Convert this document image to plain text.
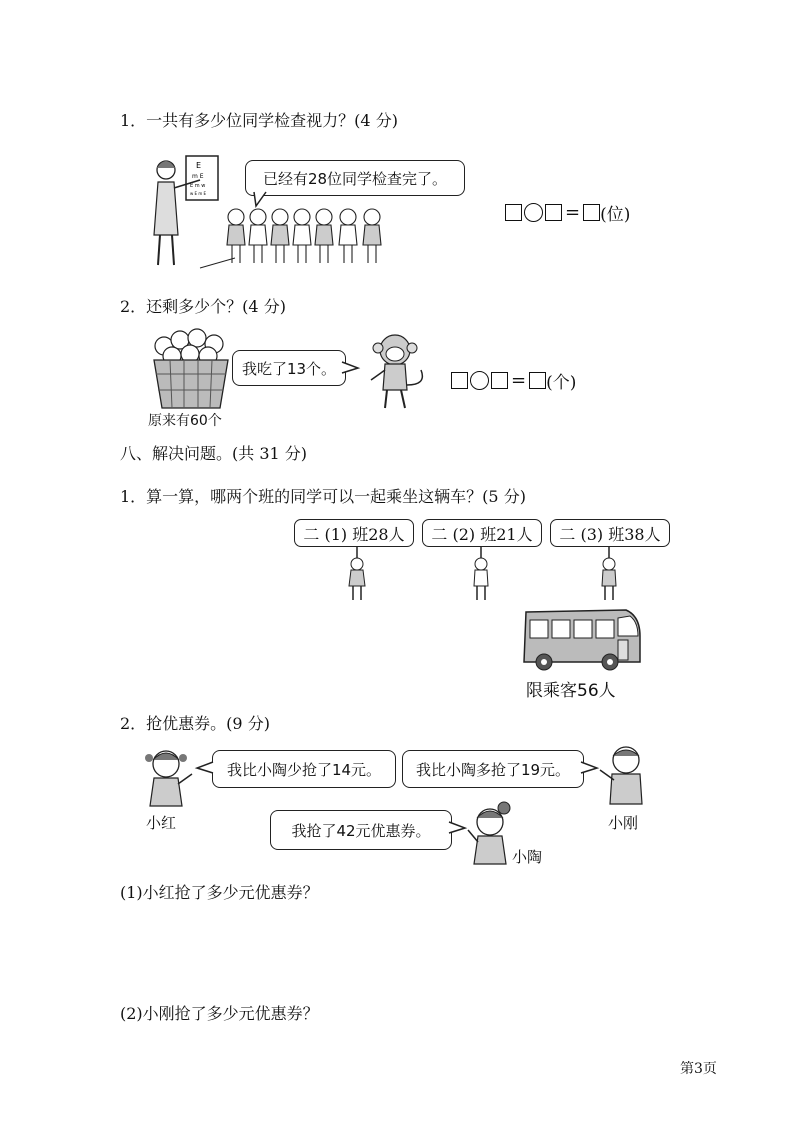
1．一共有多少位同学检查视力？(4 分)
E
m E
E m w
w E m E
已经有28位同学检查完了。
= (位)
2．还剩多少个？(4 分)
原来有60个
我吃了13个。
= (个)
八、解决问题。(共 31 分)
1．算一算，哪两个班的同学可以一起乘坐这辆车？(5 分)
二 (1) 班28人	二 (2) 班21人	二 (3) 班38人
限乘客56人
2．抢优惠券。(9 分)
小红
我比小陶少抢了14元。 我比小陶多抢了19元。
小刚
我抢了42元优惠券。
小陶
(1)小红抢了多少元优惠券？
(2)小刚抢了多少元优惠券？
第3页
